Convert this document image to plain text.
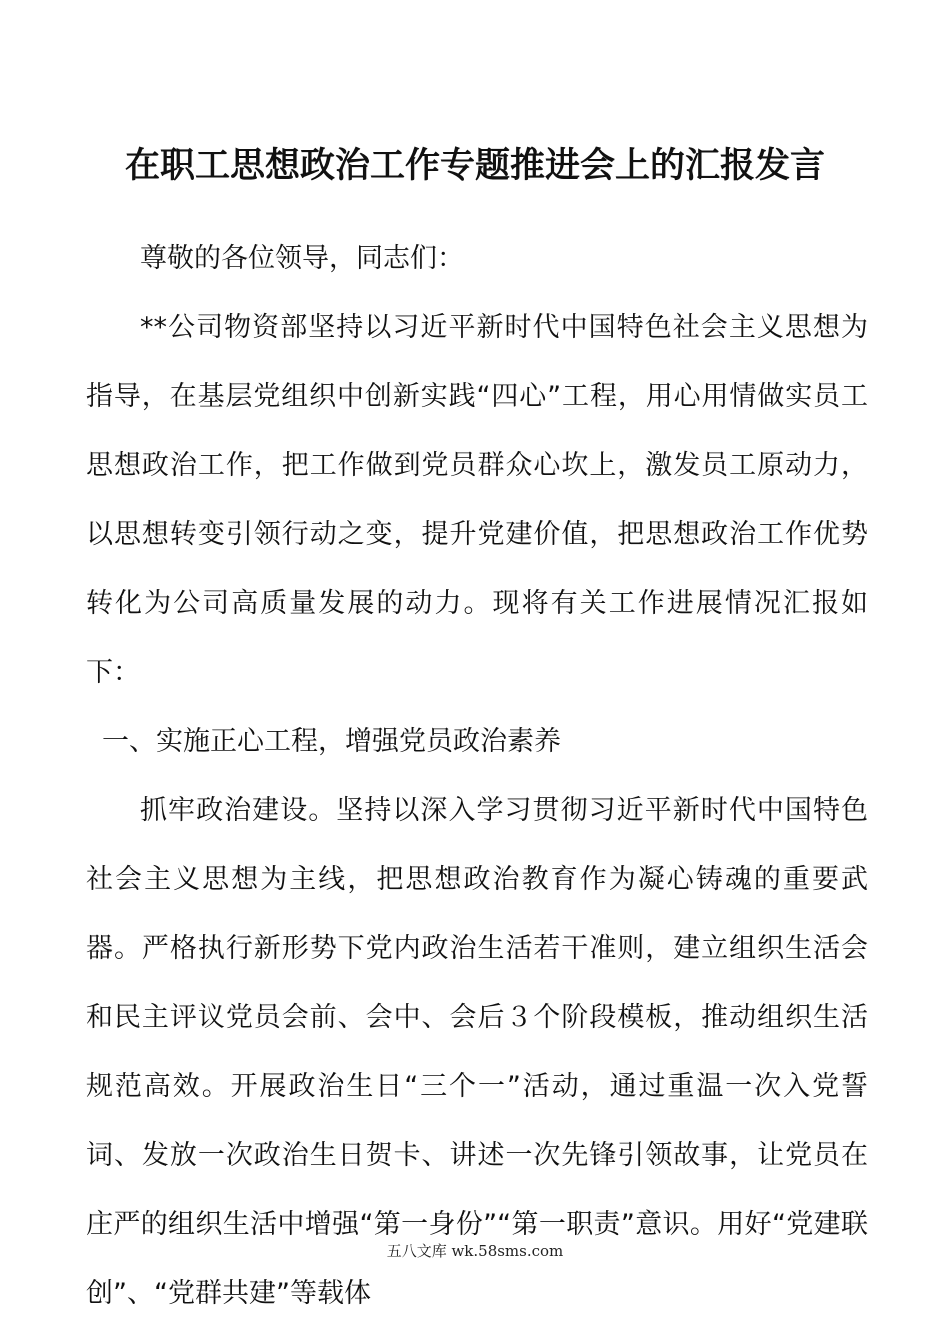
在职工思想政治工作专题推进会上的汇报发言

尊敬的各位领导，同志们：

**公司物资部坚持以习近平新时代中国特色社会主义思想为指导，在基层党组织中创新实践“四心”工程，用心用情做实员工思想政治工作，把工作做到党员群众心坎上，激发员工原动力，以思想转变引领行动之变，提升党建价值，把思想政治工作优势转化为公司高质量发展的动力。现将有关工作进展情况汇报如下：

一、实施正心工程，增强党员政治素养

抓牢政治建设。坚持以深入学习贯彻习近平新时代中国特色社会主义思想为主线，把思想政治教育作为凝心铸魂的重要武器。严格执行新形势下党内政治生活若干准则，建立组织生活会和民主评议党员会前、会中、会后３个阶段模板，推动组织生活规范高效。开展政治生日“三个一”活动，通过重温一次入党誓词、发放一次政治生日贺卡、讲述一次先锋引领故事，让党员在庄严的组织生活中增强“第一身份”“第一职责”意识。用好“党建联创”、“党群共建”等载体

五八文库 wk.58sms.com
